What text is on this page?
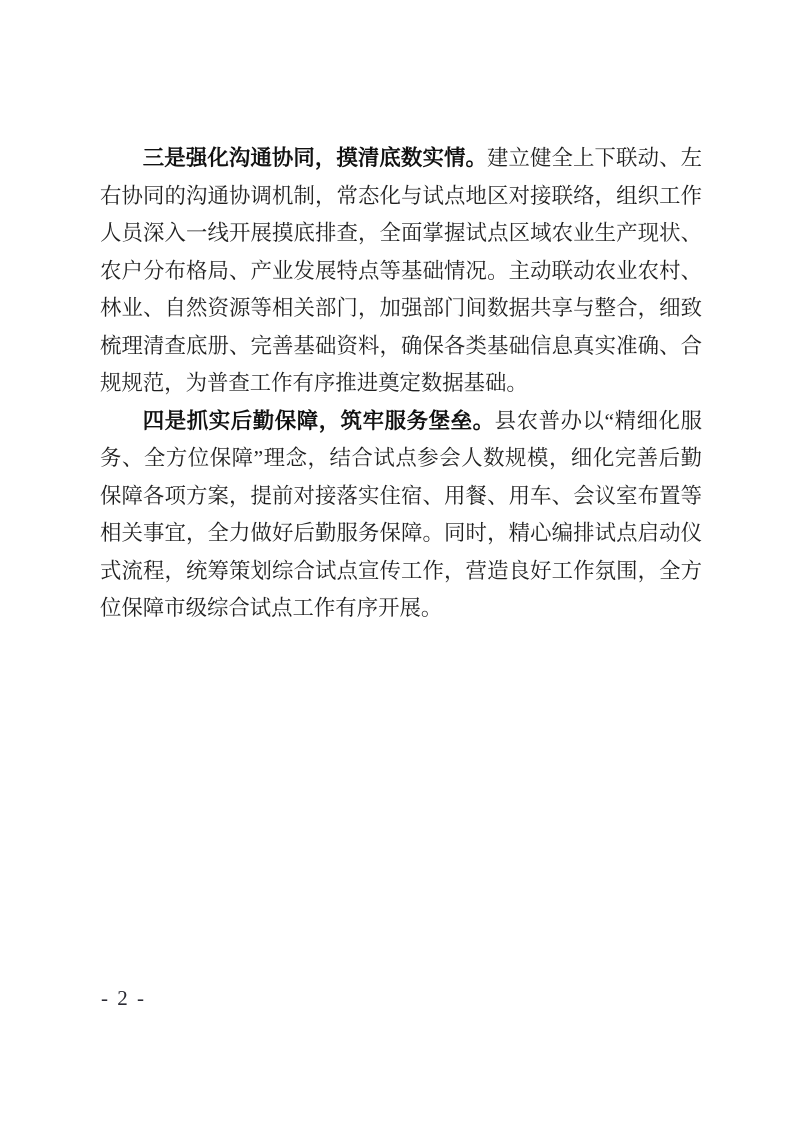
三是强化沟通协同，摸清底数实情。建立健全上下联动、左
右协同的沟通协调机制，常态化与试点地区对接联络，组织工作
人员深入一线开展摸底排查，全面掌握试点区域农业生产现状、
农户分布格局、产业发展特点等基础情况。主动联动农业农村、
林业、自然资源等相关部门，加强部门间数据共享与整合，细致
梳理清查底册、完善基础资料，确保各类基础信息真实准确、合
规规范，为普查工作有序推进奠定数据基础。
四是抓实后勤保障，筑牢服务堡垒。县农普办以“精细化服
务、全方位保障”理念，结合试点参会人数规模，细化完善后勤
保障各项方案，提前对接落实住宿、用餐、用车、会议室布置等
相关事宜，全力做好后勤服务保障。同时，精心编排试点启动仪
式流程，统筹策划综合试点宣传工作，营造良好工作氛围，全方
位保障市级综合试点工作有序开展。
- 2 -
